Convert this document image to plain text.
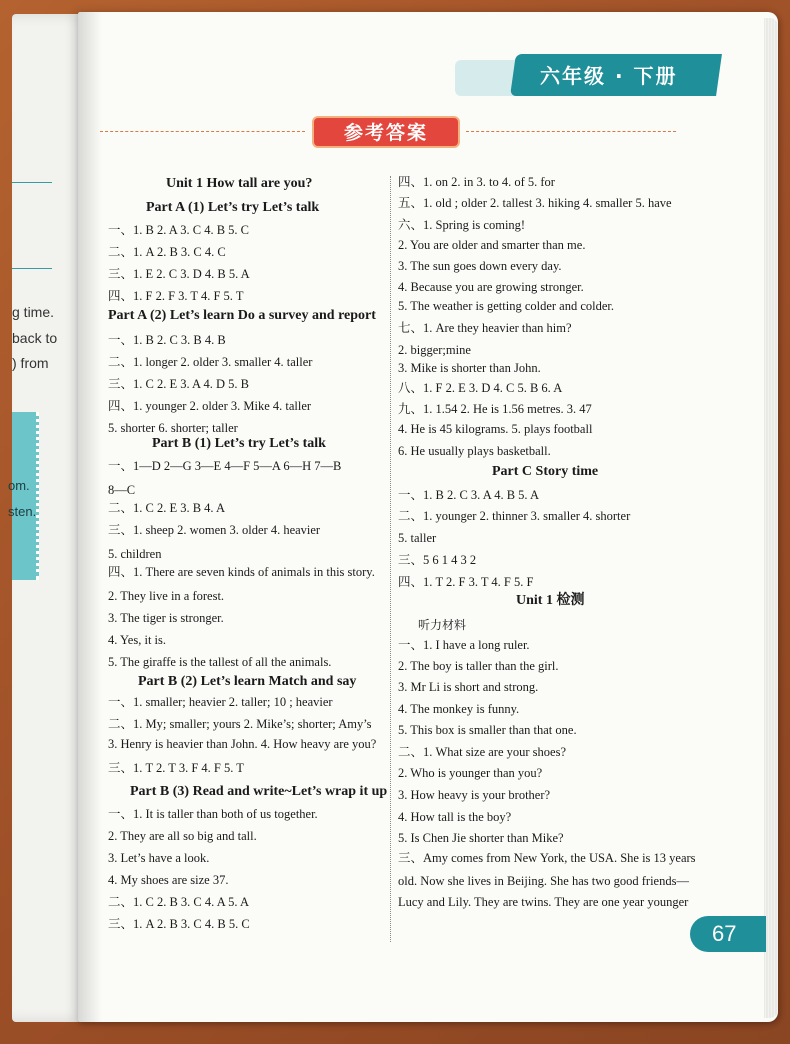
g time.
back to
) from
om.
sten.
六年级 · 下册
参考答案
Unit 1 How tall are you?
Part A (1) Let’s try Let’s talk
一、1. B 2. A 3. C 4. B 5. C
二、1. A 2. B 3. C 4. C
三、1. E 2. C 3. D 4. B 5. A
四、1. F 2. F 3. T 4. F 5. T
Part A (2) Let’s learn Do a survey and report
一、1. B 2. C 3. B 4. B
二、1. longer 2. older 3. smaller 4. taller
三、1. C 2. E 3. A 4. D 5. B
四、1. younger 2. older 3. Mike 4. taller
5. shorter 6. shorter; taller
Part B (1) Let’s try Let’s talk
一、1—D 2—G 3—E 4—F 5—A 6—H 7—B
8—C
二、1. C 2. E 3. B 4. A
三、1. sheep 2. women 3. older 4. heavier
5. children
四、1. There are seven kinds of animals in this story.
2. They live in a forest.
3. The tiger is stronger.
4. Yes, it is.
5. The giraffe is the tallest of all the animals.
Part B (2) Let’s learn Match and say
一、1. smaller; heavier 2. taller; 10 ; heavier
二、1. My; smaller; yours 2. Mike’s; shorter; Amy’s
3. Henry is heavier than John. 4. How heavy are you?
三、1. T 2. T 3. F 4. F 5. T
Part B (3) Read and write~Let’s wrap it up
一、1. It is taller than both of us together.
2. They are all so big and tall.
3. Let’s have a look.
4. My shoes are size 37.
二、1. C 2. B 3. C 4. A 5. A
三、1. A 2. B 3. C 4. B 5. C
四、1. on 2. in 3. to 4. of 5. for
五、1. old ; older 2. tallest 3. hiking 4. smaller 5. have
六、1. Spring is coming!
2. You are older and smarter than me.
3. The sun goes down every day.
4. Because you are growing stronger.
5. The weather is getting colder and colder.
七、1. Are they heavier than him?
2. bigger;mine
3. Mike is shorter than John.
八、1. F 2. E 3. D 4. C 5. B 6. A
九、1. 1.54 2. He is 1.56 metres. 3. 47
4. He is 45 kilograms. 5. plays football
6. He usually plays basketball.
Part C Story time
一、1. B 2. C 3. A 4. B 5. A
二、1. younger 2. thinner 3. smaller 4. shorter
5. taller
三、5 6 1 4 3 2
四、1. T 2. F 3. T 4. F 5. F
Unit 1 检测
听力材料
一、1. I have a long ruler.
2. The boy is taller than the girl.
3. Mr Li is short and strong.
4. The monkey is funny.
5. This box is smaller than that one.
二、1. What size are your shoes?
2. Who is younger than you?
3. How heavy is your brother?
4. How tall is the boy?
5. Is Chen Jie shorter than Mike?
三、Amy comes from New York, the USA. She is 13 years
old. Now she lives in Beijing. She has two good friends—
Lucy and Lily. They are twins. They are one year younger
67
